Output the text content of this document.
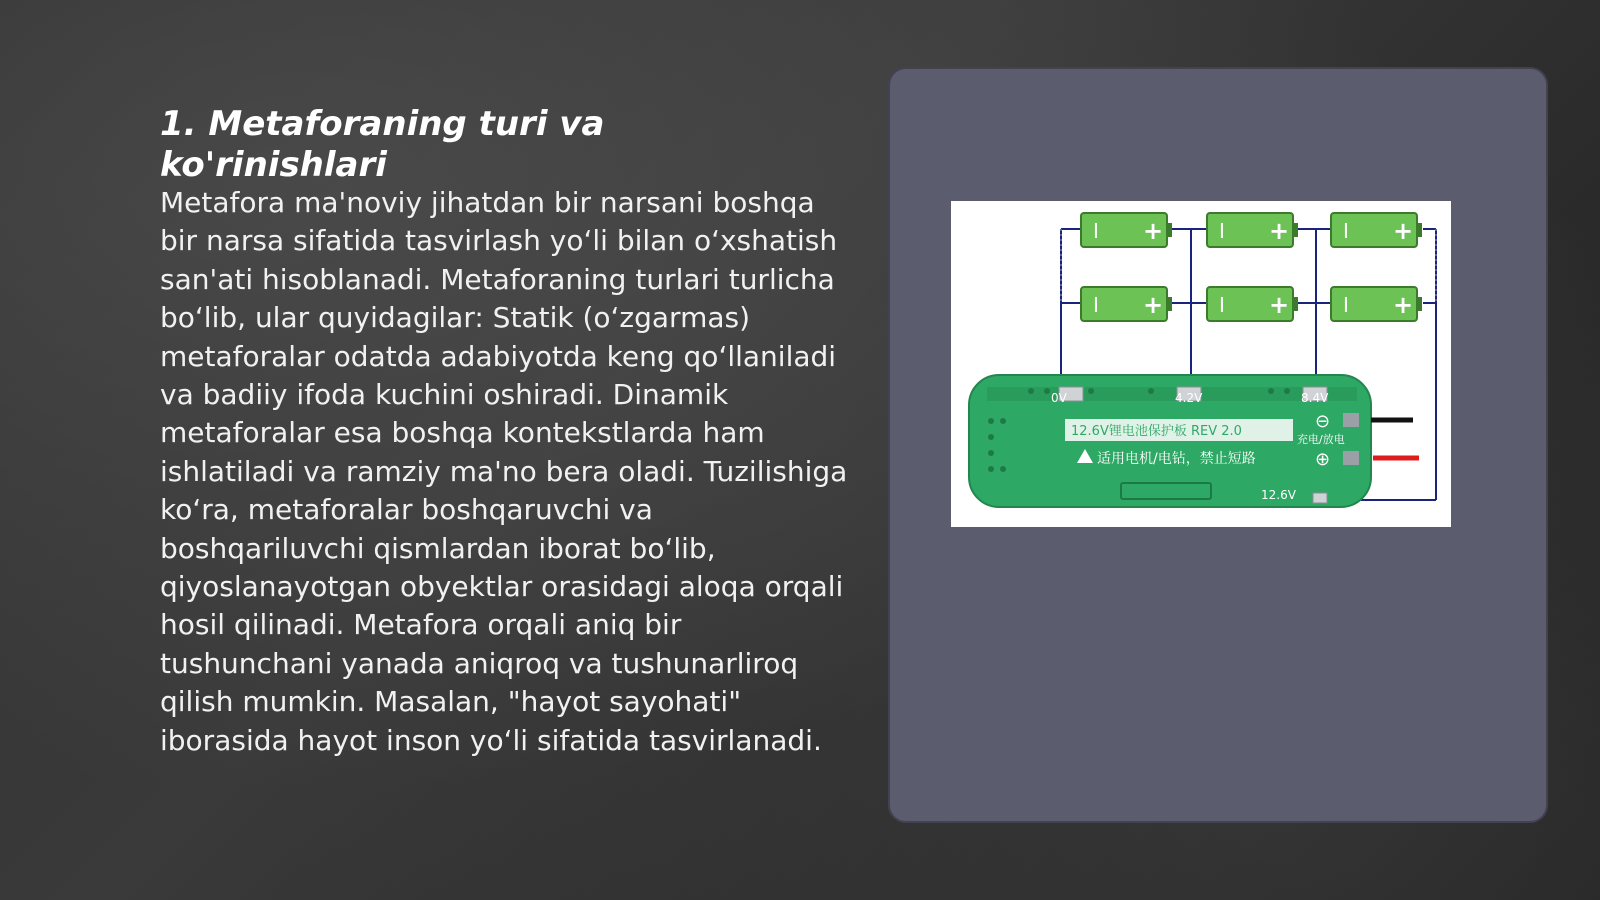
1. Metaforaning turi va ko'rinishlari

Metafora ma'noviy jihatdan bir narsani boshqa bir narsa sifatida tasvirlash yo‘li bilan o‘xshatish san'ati hisoblanadi. Metaforaning turlari turlicha bo‘lib, ular quyidagilar: Statik (o‘zgarmas) metaforalar odatda adabiyotda keng qo‘llaniladi va badiiy ifoda kuchini oshiradi. Dinamik metaforalar esa boshqa kontekstlarda ham ishlatiladi va ramziy ma'no bera oladi. Tuzilishiga ko‘ra, metaforalar boshqaruvchi va boshqariluvchi qismlardan iborat bo‘lib, qiyoslanayotgan obyektlar orasidagi aloqa orqali hosil qilinadi. Metafora orqali aniq bir tushunchani yanada aniqroq va tushunarliroq qilish mumkin. Masalan, "hayot sayohati" iborasida hayot inson yo‘li sifatida tasvirlanadi.

I +	I +	I +
I +	I +	I +
0V	4.2V	8.4V
12.6V锂电池保护板 REV 2.0
适用电机/电钻，禁止短路
⊖
充电/放电
⊕
12.6V
